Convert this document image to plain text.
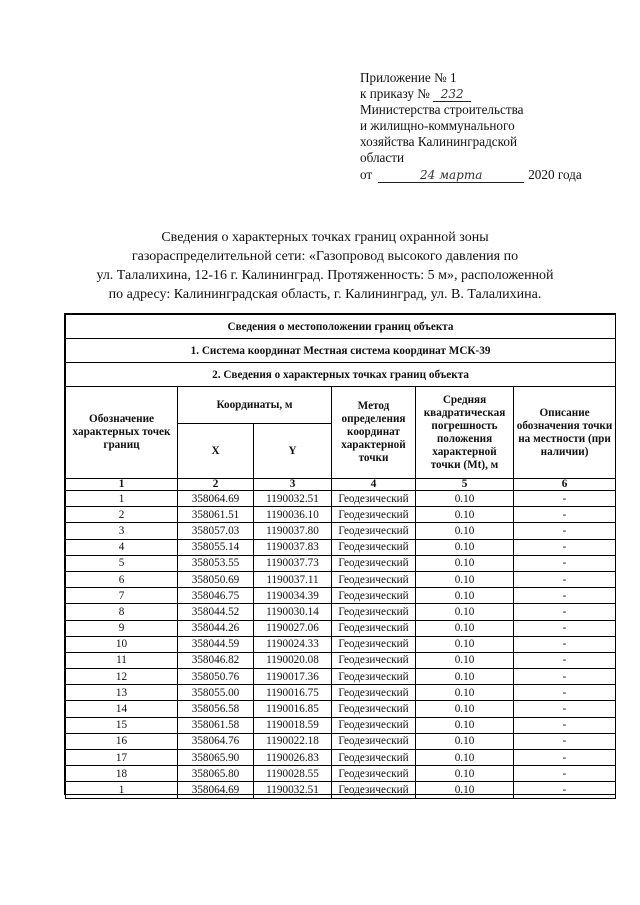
Приложение № 1
к приказу № 232
Министерства строительства
и жилищно-коммунального
хозяйства Калининградской
области
от	24 марта	2020 года
Сведения о характерных точках границ охранной зоны
газораспределительной сети: «Газопровод высокого давления по
ул. Талалихина, 12-16 г. Калининград. Протяженность: 5 м», расположенной
по адресу: Калининградская область, г. Калининград, ул. В. Талалихина.
Сведения о местоположении границ объекта					
1. Система координат Местная система координат МСК-39					
2. Сведения о характерных точках границ объекта					
Обозначение характерных точек границ	Координаты, м		Метод определения координат характерной точки	Средняя квадратическая погрешность положения характерной точки (Mt), м	Описание обозначения точки на местности (при наличии)
	X	Y			
1	2	3	4	5	6
1	358064.69	1190032.51	Геодезический	0.10	-
2	358061.51	1190036.10	Геодезический	0.10	-
3	358057.03	1190037.80	Геодезический	0.10	-
4	358055.14	1190037.83	Геодезический	0.10	-
5	358053.55	1190037.73	Геодезический	0.10	-
6	358050.69	1190037.11	Геодезический	0.10	-
7	358046.75	1190034.39	Геодезический	0.10	-
8	358044.52	1190030.14	Геодезический	0.10	-
9	358044.26	1190027.06	Геодезический	0.10	-
10	358044.59	1190024.33	Геодезический	0.10	-
11	358046.82	1190020.08	Геодезический	0.10	-
12	358050.76	1190017.36	Геодезический	0.10	-
13	358055.00	1190016.75	Геодезический	0.10	-
14	358056.58	1190016.85	Геодезический	0.10	-
15	358061.58	1190018.59	Геодезический	0.10	-
16	358064.76	1190022.18	Геодезический	0.10	-
17	358065.90	1190026.83	Геодезический	0.10	-
18	358065.80	1190028.55	Геодезический	0.10	-
1	358064.69	1190032.51	Геодезический	0.10	-
